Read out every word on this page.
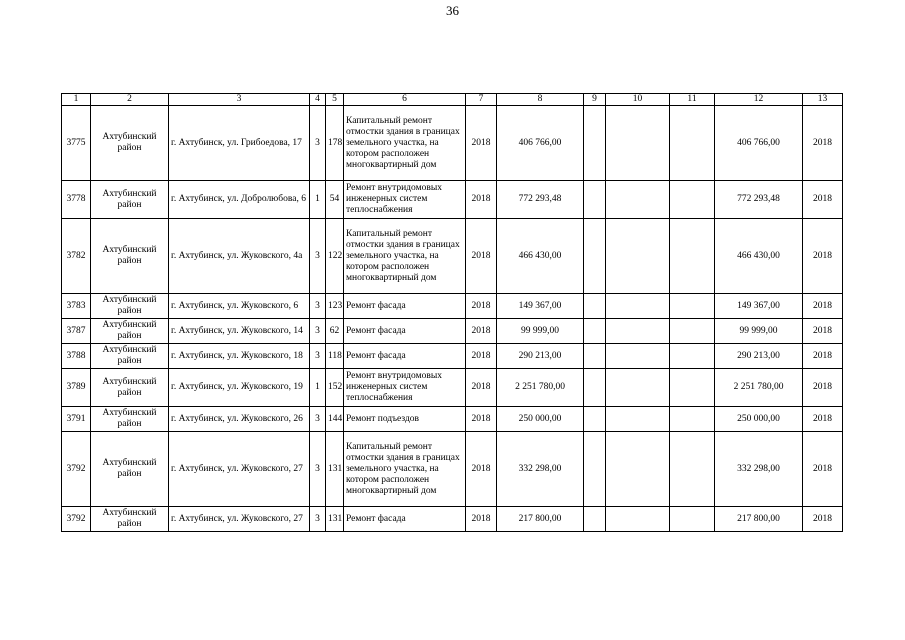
36
1	2	3	4	5	6	7	8	9	10	11	12	13
3775	Ахтубинский район	г. Ахтубинск, ул. Грибоедова, 17	3	178	Капитальный ремонт отмостки здания в границах земельного участка, на котором расположен многоквартирный дом	2018	406 766,00				406 766,00	2018
3778	Ахтубинский район	г. Ахтубинск, ул. Добролюбова, 6	1	54	Ремонт внутридомовых инженерных систем теплоснабжения	2018	772 293,48				772 293,48	2018
3782	Ахтубинский район	г. Ахтубинск, ул. Жуковского, 4а	3	122	Капитальный ремонт отмостки здания в границах земельного участка, на котором расположен многоквартирный дом	2018	466 430,00				466 430,00	2018
3783	Ахтубинский район	г. Ахтубинск, ул. Жуковского, 6	3	123	Ремонт фасада	2018	149 367,00				149 367,00	2018
3787	Ахтубинский район	г. Ахтубинск, ул. Жуковского, 14	3	62	Ремонт фасада	2018	99 999,00				99 999,00	2018
3788	Ахтубинский район	г. Ахтубинск, ул. Жуковского, 18	3	118	Ремонт фасада	2018	290 213,00				290 213,00	2018
3789	Ахтубинский район	г. Ахтубинск, ул. Жуковского, 19	1	152	Ремонт внутридомовых инженерных систем теплоснабжения	2018	2 251 780,00				2 251 780,00	2018
3791	Ахтубинский район	г. Ахтубинск, ул. Жуковского, 26	3	144	Ремонт подъездов	2018	250 000,00				250 000,00	2018
3792	Ахтубинский район	г. Ахтубинск, ул. Жуковского, 27	3	131	Капитальный ремонт отмостки здания в границах земельного участка, на котором расположен многоквартирный дом	2018	332 298,00				332 298,00	2018
3792	Ахтубинский район	г. Ахтубинск, ул. Жуковского, 27	3	131	Ремонт фасада	2018	217 800,00				217 800,00	2018
